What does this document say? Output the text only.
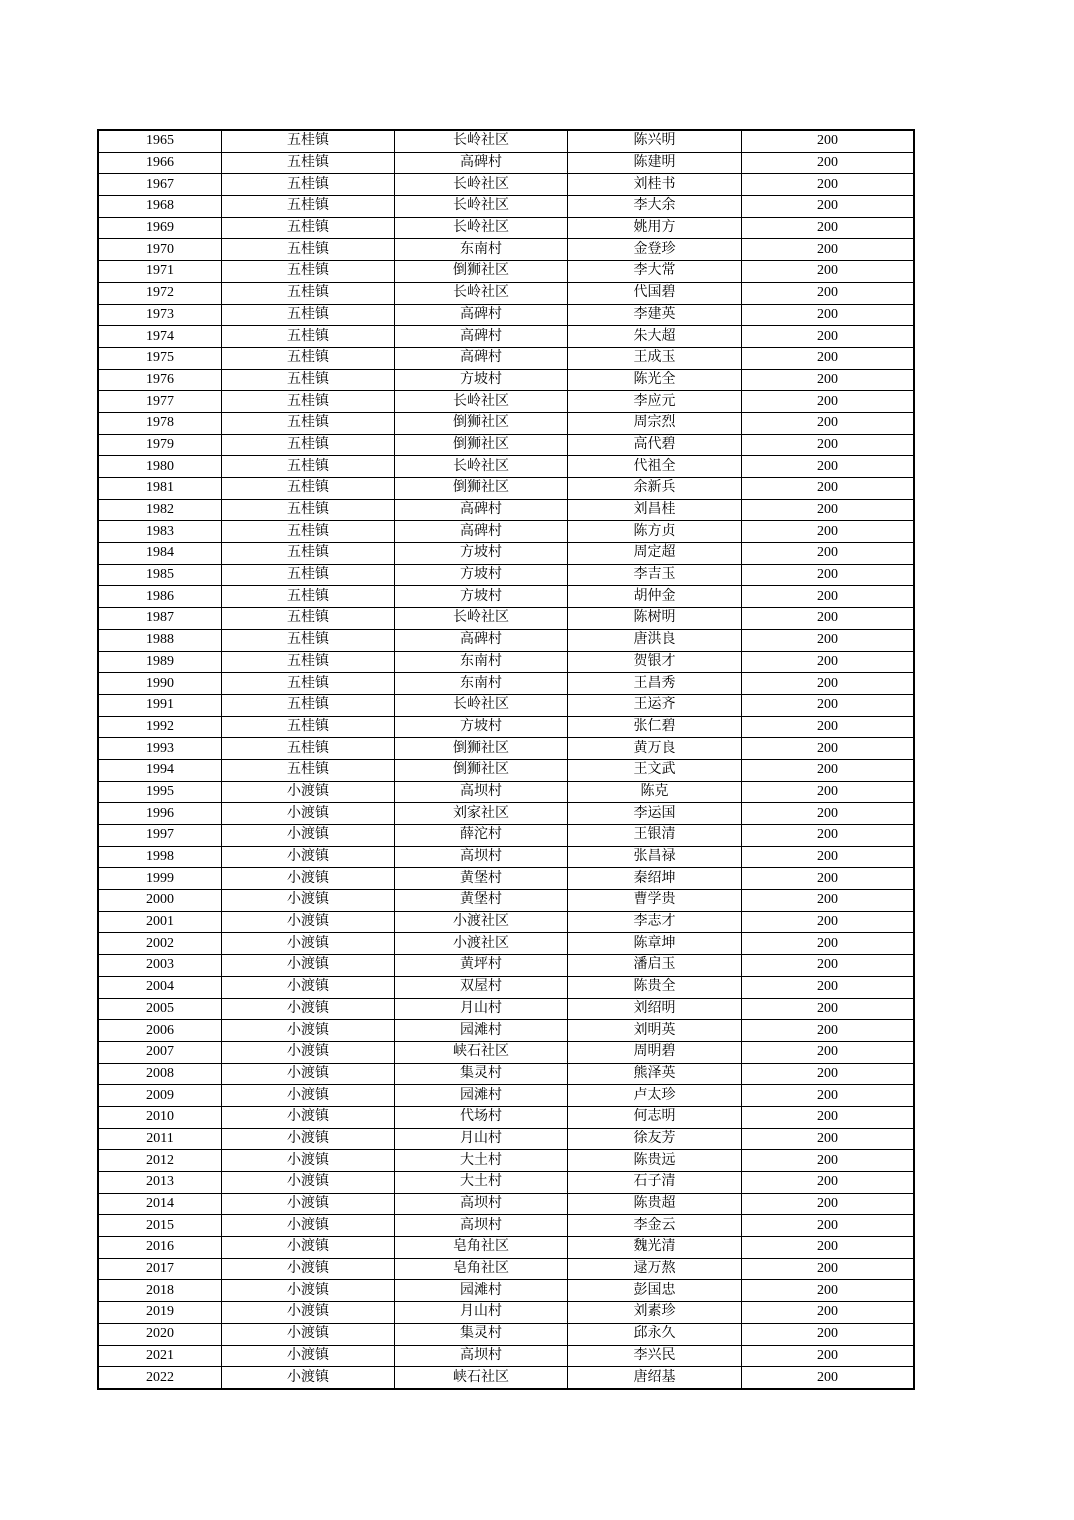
1965	五桂镇	长岭社区	陈兴明	200
1966	五桂镇	高碑村	陈建明	200
1967	五桂镇	长岭社区	刘桂书	200
1968	五桂镇	长岭社区	李大余	200
1969	五桂镇	长岭社区	姚用方	200
1970	五桂镇	东南村	金登珍	200
1971	五桂镇	倒狮社区	李大常	200
1972	五桂镇	长岭社区	代国碧	200
1973	五桂镇	高碑村	李建英	200
1974	五桂镇	高碑村	朱大超	200
1975	五桂镇	高碑村	王成玉	200
1976	五桂镇	方坡村	陈光全	200
1977	五桂镇	长岭社区	李应元	200
1978	五桂镇	倒狮社区	周宗烈	200
1979	五桂镇	倒狮社区	高代碧	200
1980	五桂镇	长岭社区	代祖全	200
1981	五桂镇	倒狮社区	余新兵	200
1982	五桂镇	高碑村	刘昌桂	200
1983	五桂镇	高碑村	陈方贞	200
1984	五桂镇	方坡村	周定超	200
1985	五桂镇	方坡村	李吉玉	200
1986	五桂镇	方坡村	胡仲金	200
1987	五桂镇	长岭社区	陈树明	200
1988	五桂镇	高碑村	唐洪良	200
1989	五桂镇	东南村	贺银才	200
1990	五桂镇	东南村	王昌秀	200
1991	五桂镇	长岭社区	王运齐	200
1992	五桂镇	方坡村	张仁碧	200
1993	五桂镇	倒狮社区	黄万良	200
1994	五桂镇	倒狮社区	王文武	200
1995	小渡镇	高坝村	陈克	200
1996	小渡镇	刘家社区	李运国	200
1997	小渡镇	薛沱村	王银清	200
1998	小渡镇	高坝村	张昌禄	200
1999	小渡镇	黄堡村	秦绍坤	200
2000	小渡镇	黄堡村	曹学贵	200
2001	小渡镇	小渡社区	李志才	200
2002	小渡镇	小渡社区	陈章坤	200
2003	小渡镇	黄坪村	潘启玉	200
2004	小渡镇	双屋村	陈贵全	200
2005	小渡镇	月山村	刘绍明	200
2006	小渡镇	园滩村	刘明英	200
2007	小渡镇	峡石社区	周明碧	200
2008	小渡镇	集灵村	熊泽英	200
2009	小渡镇	园滩村	卢太珍	200
2010	小渡镇	代场村	何志明	200
2011	小渡镇	月山村	徐友芳	200
2012	小渡镇	大土村	陈贵远	200
2013	小渡镇	大土村	石子清	200
2014	小渡镇	高坝村	陈贵超	200
2015	小渡镇	高坝村	李金云	200
2016	小渡镇	皂角社区	魏光清	200
2017	小渡镇	皂角社区	逯万熬	200
2018	小渡镇	园滩村	彭国忠	200
2019	小渡镇	月山村	刘素珍	200
2020	小渡镇	集灵村	邱永久	200
2021	小渡镇	高坝村	李兴民	200
2022	小渡镇	峡石社区	唐绍基	200
